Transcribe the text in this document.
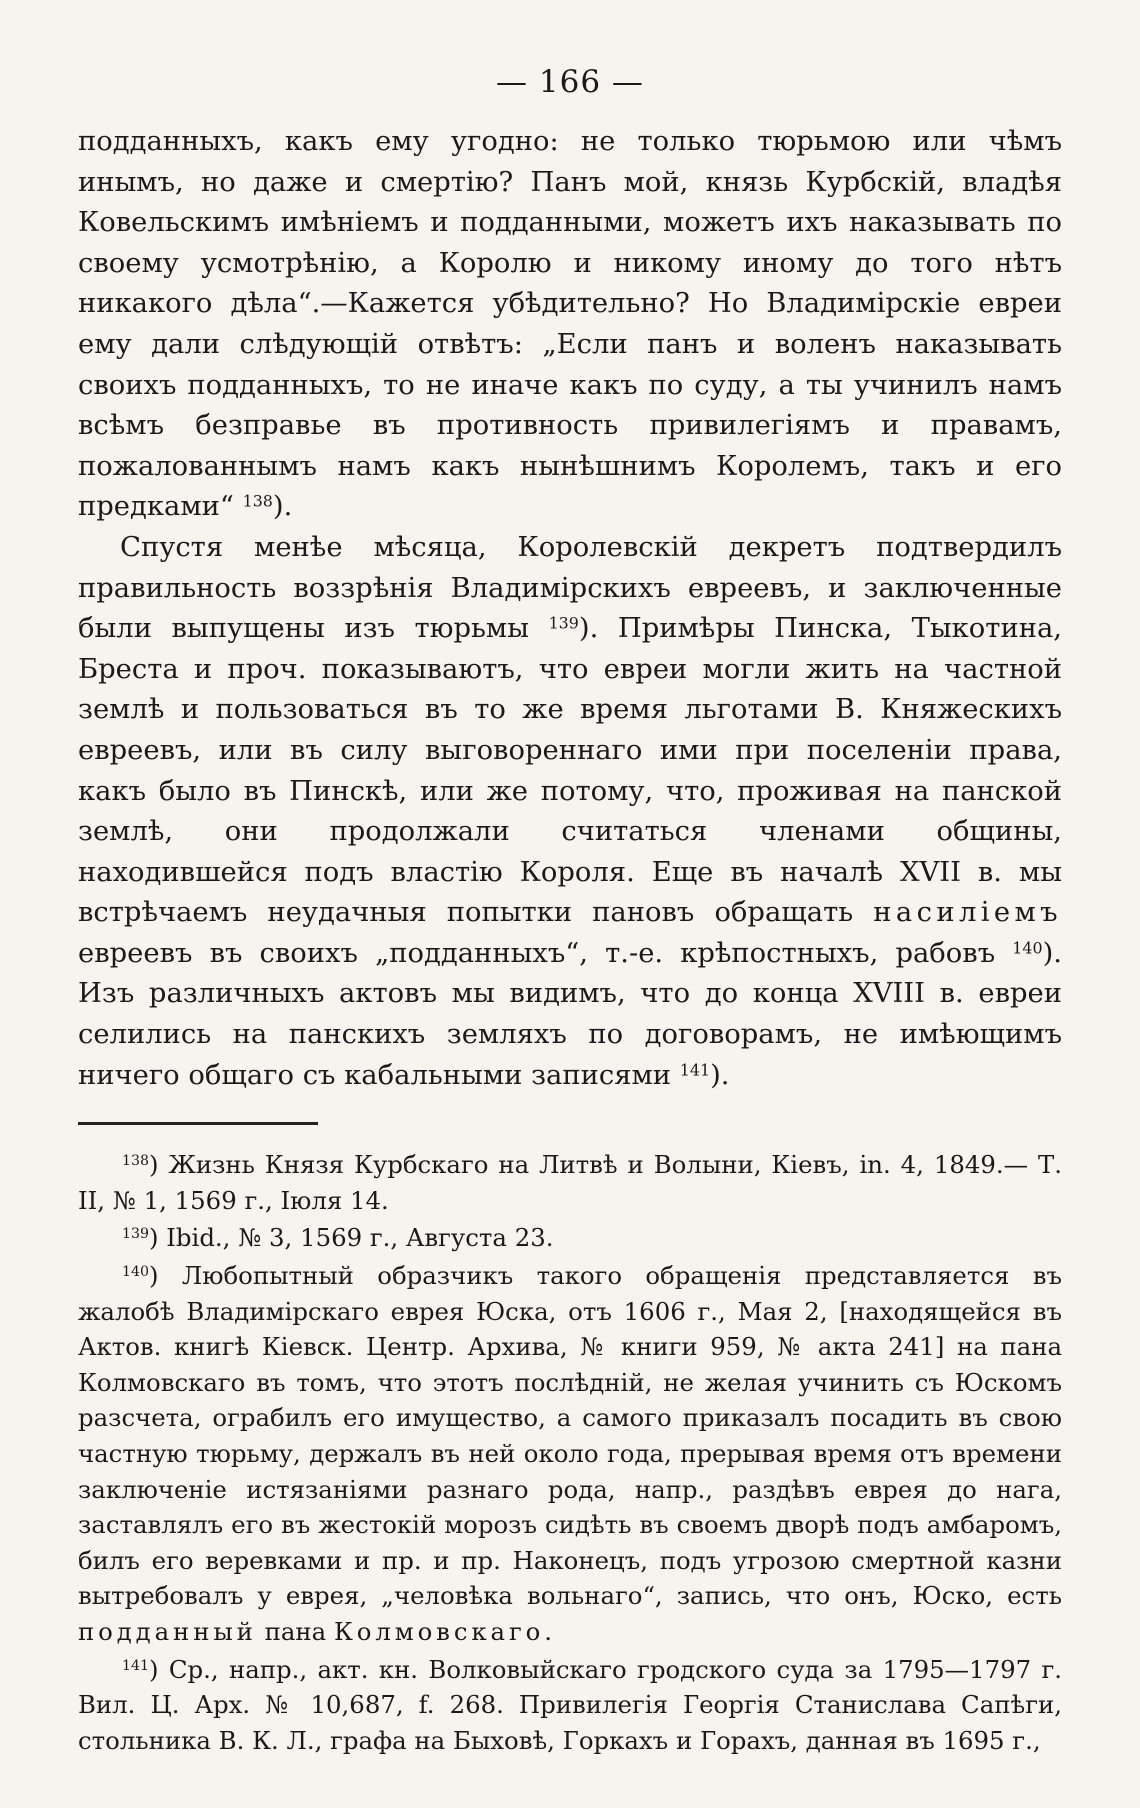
— 166 —

подданныхъ, какъ ему угодно: не только тюрьмою или чѣмъ инымъ, но даже и смертію? Панъ мой, князь Курбскій, владѣя Ковельскимъ имѣніемъ и подданными, можетъ ихъ наказывать по своему усмотрѣнію, а Королю и никому иному до того нѣтъ никакого дѣла“.—Кажется убѣдительно? Но Владимірскіе евреи ему дали слѣдующій отвѣтъ: „Если панъ и воленъ наказывать своихъ подданныхъ, то не иначе какъ по суду, а ты учинилъ намъ всѣмъ безправье въ противность привилегіямъ и правамъ, пожалованнымъ намъ какъ нынѣшнимъ Королемъ, такъ и его предками“ $^{138}$).

Спустя менѣе мѣсяца, Королевскій декретъ подтвердилъ правильность воззрѣнія Владимірскихъ евреевъ, и заключенные были выпущены изъ тюрьмы $^{139}$). Примѣры Пинска, Тыкотина, Бреста и проч. показываютъ, что евреи могли жить на частной землѣ и пользоваться въ то же время льготами В. Княжескихъ евреевъ, или въ силу выговореннаго ими при поселеніи права, какъ было въ Пинскѣ, или же потому, что, проживая на панской землѣ, они продолжали считаться членами общины, находившейся подъ властію Короля. Еще въ началѣ XVII в. мы встрѣчаемъ неудачныя попытки пановъ обращать насиліемъ евреевъ въ своихъ „подданныхъ“, т.-е. крѣпостныхъ, рабовъ $^{140}$). Изъ различныхъ актовъ мы видимъ, что до конца XVIII в. евреи селились на панскихъ земляхъ по договорамъ, не имѣющимъ ничего общаго съ кабальными записями $^{141}$).

$^{138}$) Жизнь Князя Курбскаго на Литвѣ и Волыни, Кіевъ, in. 4, 1849.— Т. II, № 1, 1569 г., Іюля 14.

$^{139}$) Ibid., № 3, 1569 г., Августа 23.

$^{140}$) Любопытный образчикъ такого обращенія представляется въ жалобѣ Владимірскаго еврея Юска, отъ 1606 г., Мая 2, [находящейся въ Актов. книгѣ Кіевск. Центр. Архива, № книги 959, № акта 241] на пана Колмовскаго въ томъ, что этотъ послѣдній, не желая учинить съ Юскомъ разсчета, ограбилъ его имущество, а самого приказалъ посадить въ свою частную тюрьму, держалъ въ ней около года, прерывая время отъ времени заключеніе истязаніями разнаго рода, напр., раздѣвъ еврея до нага, заставлялъ его въ жестокій морозъ сидѣть въ своемъ дворѣ подъ амбаромъ, билъ его веревками и пр. и пр. Наконецъ, подъ угрозою смертной казни вытребовалъ у еврея, „человѣка вольнаго“, запись, что онъ, Юско, есть подданный пана Колмовскаго.

$^{141}$) Ср., напр., акт. кн. Волковыйскаго гродского суда за 1795—1797 г. Вил. Ц. Арх. № 10,687, f. 268. Привилегія Георгія Станислава Сапѣги, стольника В. К. Л., графа на Быховѣ, Горкахъ и Горахъ, данная въ 1695 г.,
